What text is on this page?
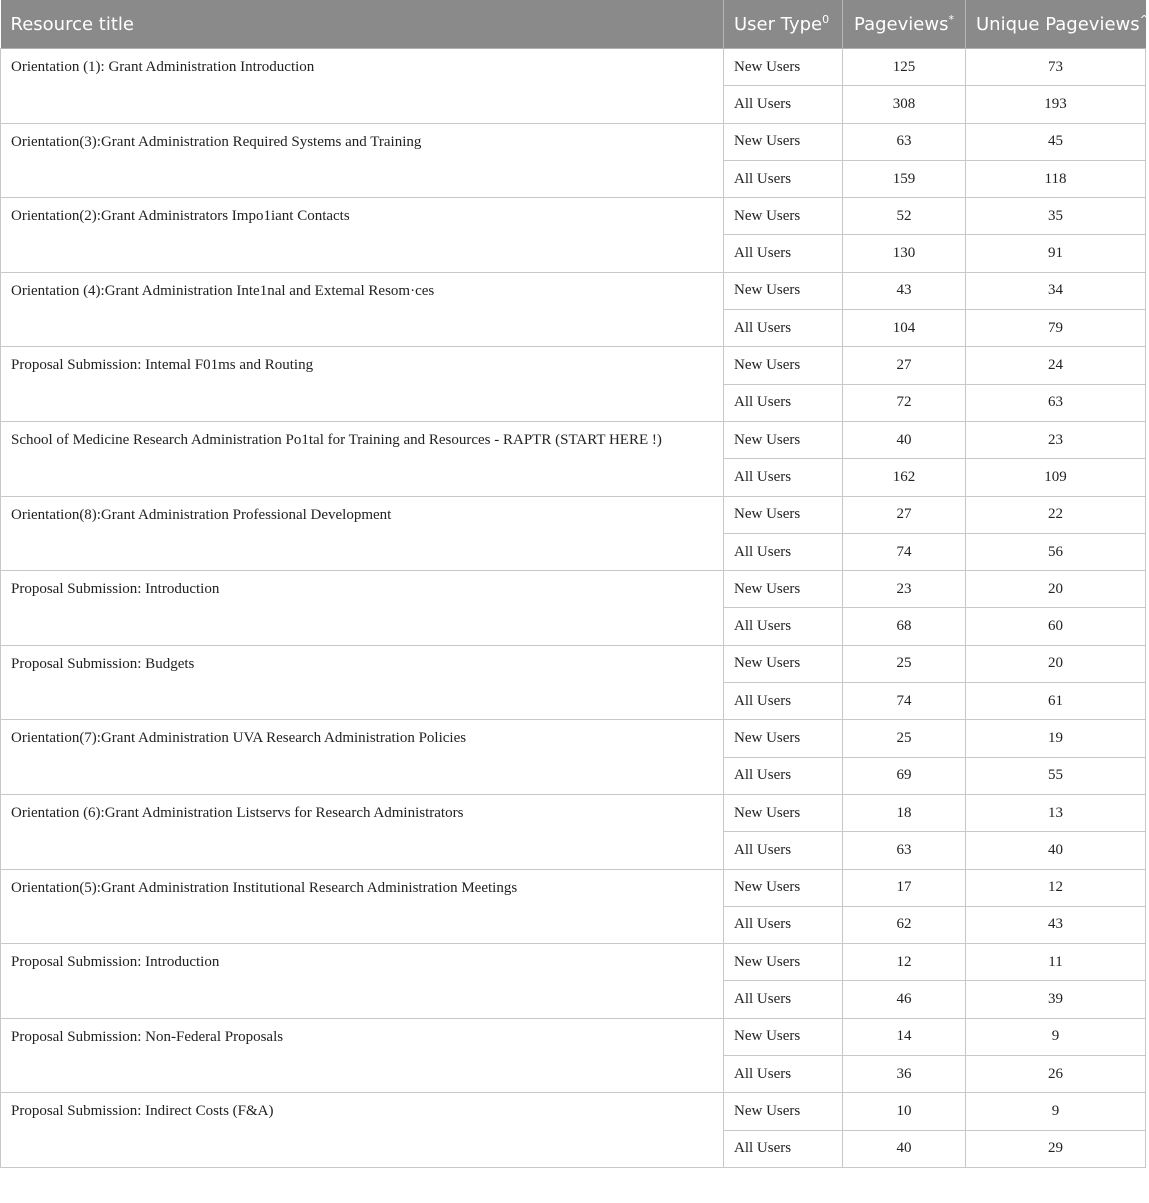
Resource title	User Type$^0$	Pageviews*	Unique Pageviews^
Orientation (1): Grant Administration Introduction	New Users	125	73
	All Users	308	193
Orientation(3):Grant Administration Required Systems and Training	New Users	63	45
	All Users	159	118
Orientation(2):Grant Administrators Impo1iant Contacts	New Users	52	35
	All Users	130	91
Orientation (4):Grant Administration Inte1nal and Extemal Resom·ces	New Users	43	34
	All Users	104	79
Proposal Submission: Intemal F01ms and Routing	New Users	27	24
	All Users	72	63
School of Medicine Research Administration Po1tal for Training and Resources - RAPTR (START HERE !)	New Users	40	23
	All Users	162	109
Orientation(8):Grant Administration Professional Development	New Users	27	22
	All Users	74	56
Proposal Submission: Introduction	New Users	23	20
	All Users	68	60
Proposal Submission: Budgets	New Users	25	20
	All Users	74	61
Orientation(7):Grant Administration UVA Research Administration Policies	New Users	25	19
	All Users	69	55
Orientation (6):Grant Administration Listservs for Research Administrators	New Users	18	13
	All Users	63	40
Orientation(5):Grant Administration Institutional Research Administration Meetings	New Users	17	12
	All Users	62	43
Proposal Submission: Introduction	New Users	12	11
	All Users	46	39
Proposal Submission: Non-Federal Proposals	New Users	14	9
	All Users	36	26
Proposal Submission: Indirect Costs (F&A)	New Users	10	9
	All Users	40	29
